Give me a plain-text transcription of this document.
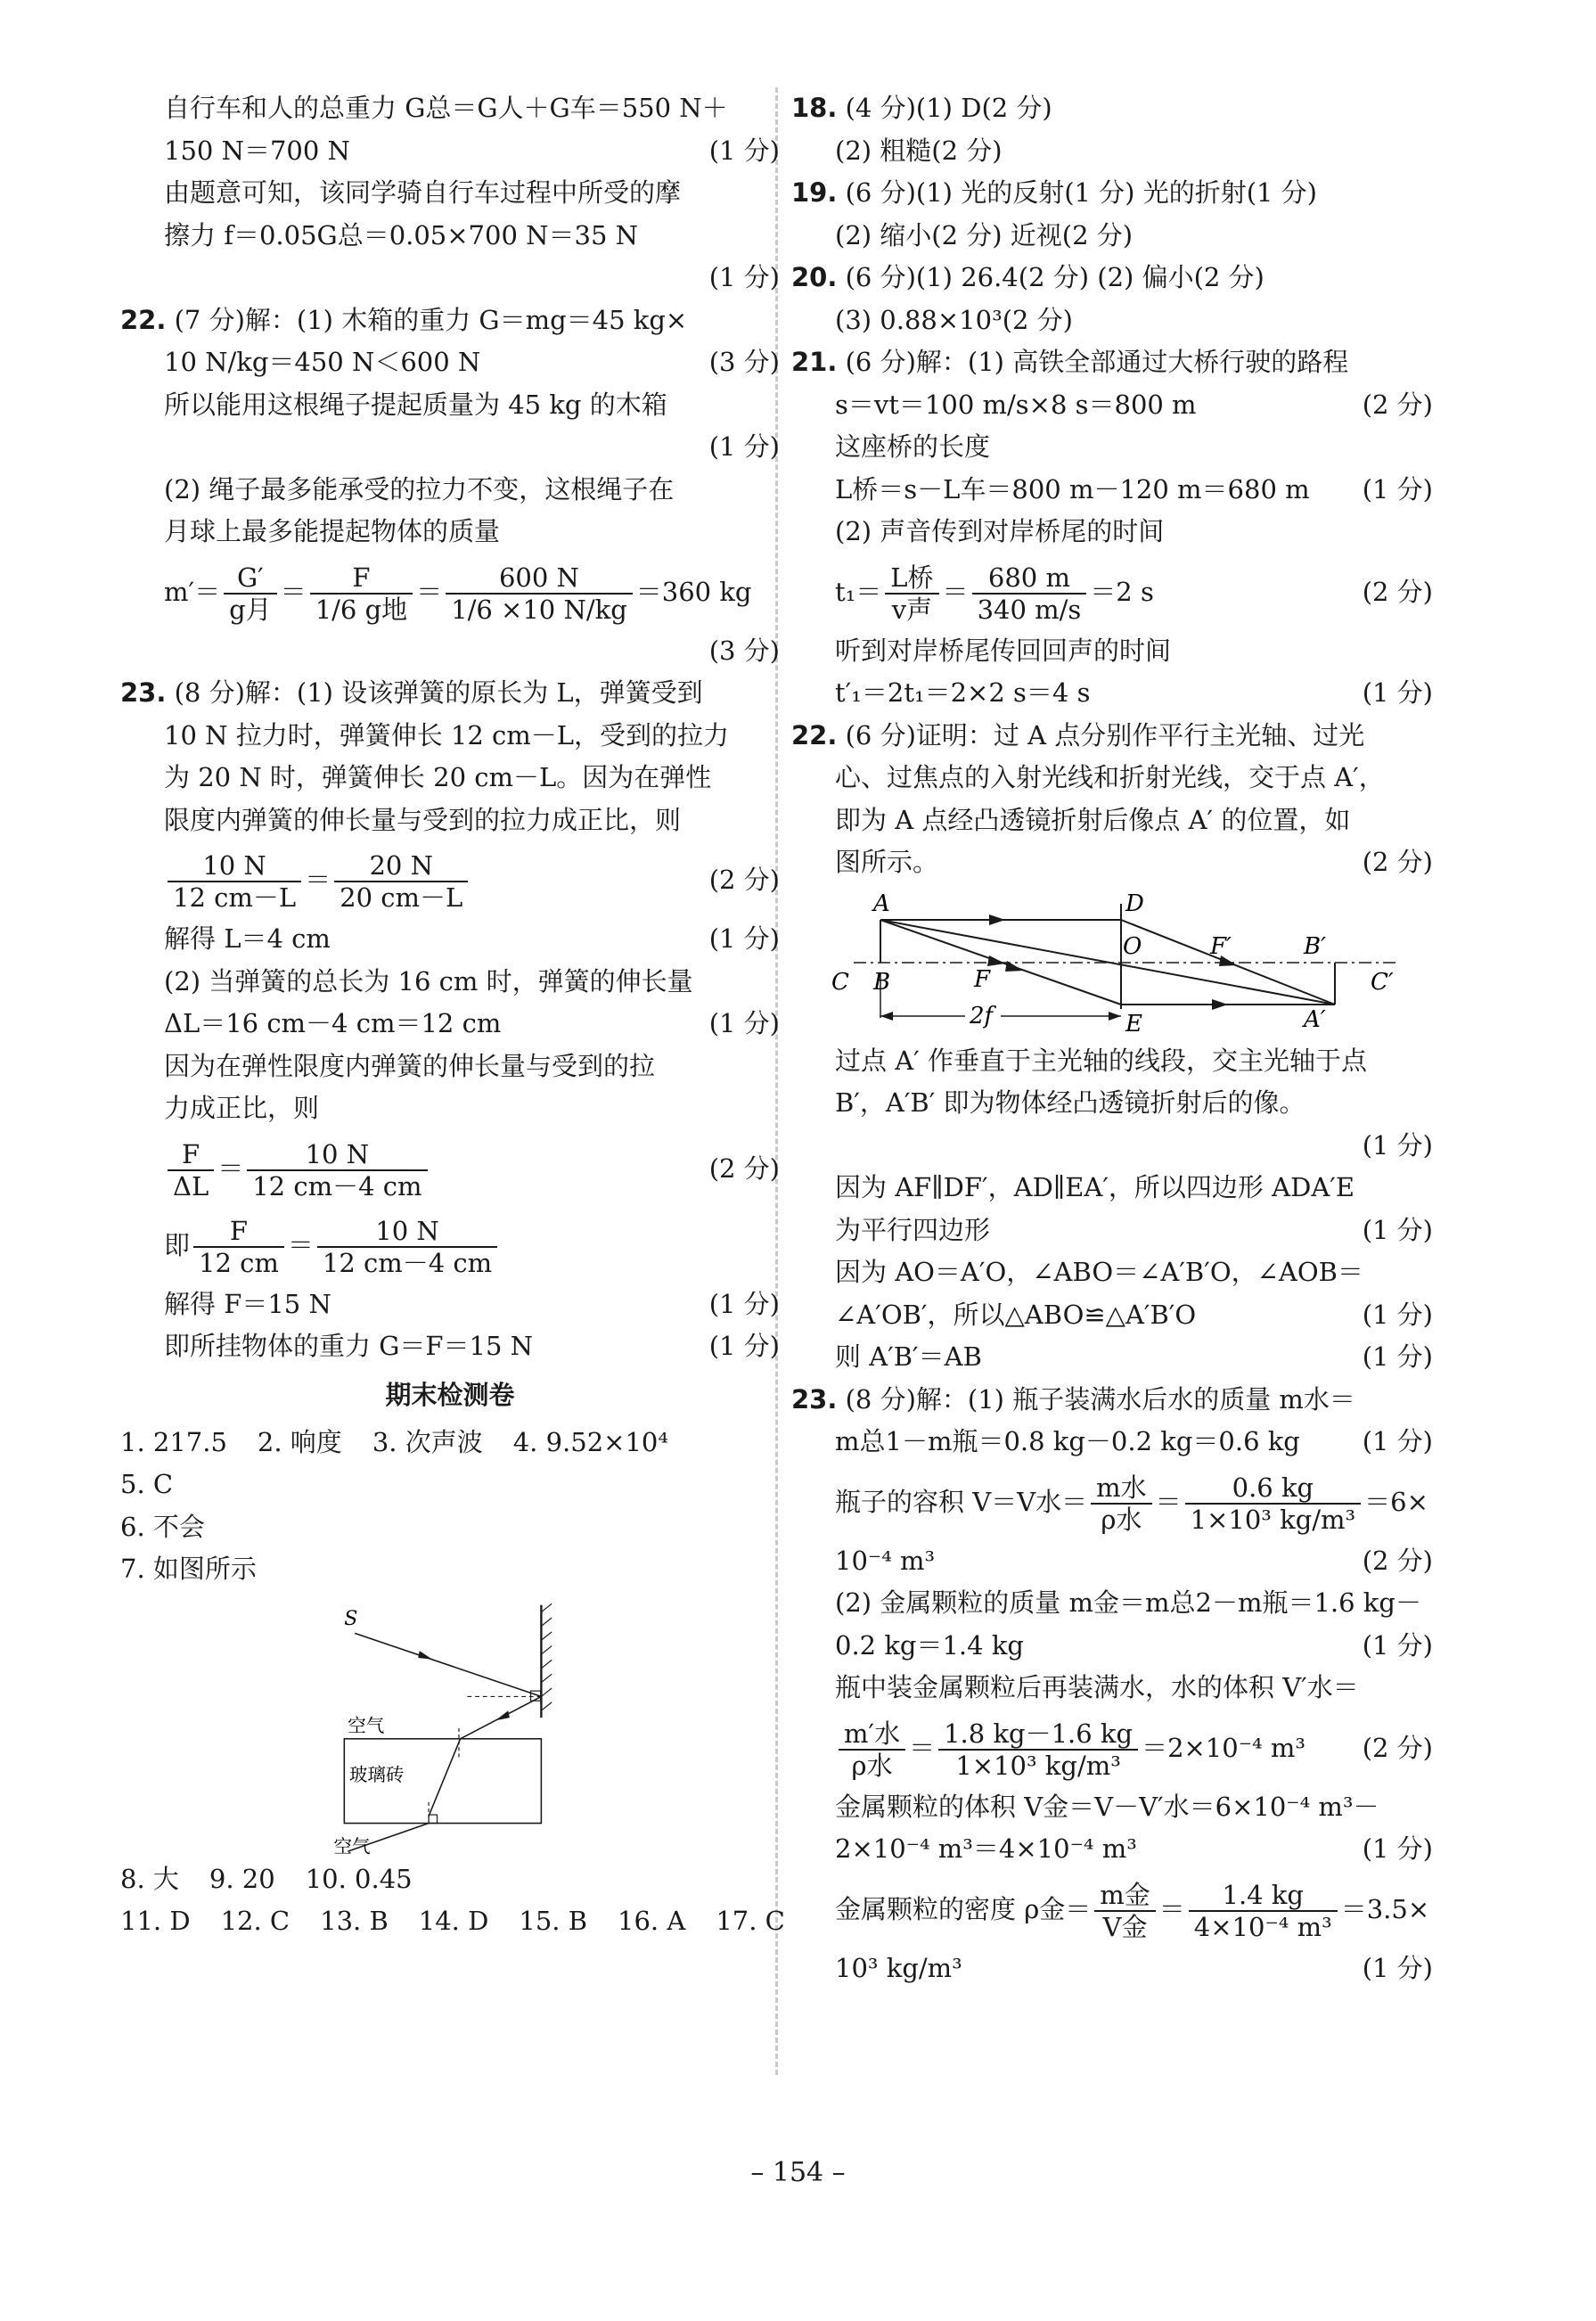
自行车和人的总重力 G总＝G人＋G车＝550 N＋
150 N＝700 N	(1 分)
由题意可知，该同学骑自行车过程中所受的摩
擦力 f＝0.05G总＝0.05×700 N＝35 N
(1 分)
22. (7 分)解：(1) 木箱的重力 G＝mg＝45 kg×
10 N/kg＝450 N＜600 N	(3 分)
所以能用这根绳子提起质量为 45 kg 的木箱
(1 分)
(2) 绳子最多能承受的拉力不变，这根绳子在
月球上最多能提起物体的质量
$m'= \frac{G'}{\text{g月}} = \frac{F}{\text{1/6 g地}} = \frac{600 N}{1/6 \times 10 N/kg} =360$ kg
(3 分)
23. (8 分)解：(1) 设该弹簧的原长为 L，弹簧受到
10 N 拉力时，弹簧伸长 12 cm－L，受到的拉力
为 20 N 时，弹簧伸长 20 cm－L。因为在弹性
限度内弹簧的伸长量与受到的拉力成正比，则
$\frac{10 N}{12 cm-L} = \frac{20 N}{20 cm-L}$	(2 分)
解得 L＝4 cm	(1 分)
(2) 当弹簧的总长为 16 cm 时，弹簧的伸长量
ΔL＝16 cm－4 cm＝12 cm	(1 分)
因为在弹性限度内弹簧的伸长量与受到的拉
力成正比，则
$\frac{F}{\Delta L} = \frac{10 N}{12 cm-4 cm}$	(2 分)
即 $\frac{F}{12 cm} = \frac{10 N}{12 cm-4 cm}$
解得 F＝15 N	(1 分)
即所挂物体的重力 G＝F＝15 N	(1 分)
期末检测卷
1. 217.5 2. 响度 3. 次声波 4. 9.52×10⁴
5. C
6. 不会
7. 如图所示
S
空气
玻璃砖
空气
8. 大 9. 20 10. 0.45
11. D 12. C 13. B 14. D 15. B 16. A 17. C
18. (4 分)(1) D(2 分)
(2) 粗糙(2 分)
19. (6 分)(1) 光的反射(1 分) 光的折射(1 分)
(2) 缩小(2 分) 近视(2 分)
20. (6 分)(1) 26.4(2 分) (2) 偏小(2 分)
(3) 0.88×10³(2 分)
21. (6 分)解：(1) 高铁全部通过大桥行驶的路程
s＝vt＝100 m/s×8 s＝800 m	(2 分)
这座桥的长度
L桥＝s－L车＝800 m－120 m＝680 m (1 分)
(2) 声音传到对岸桥尾的时间
$t_1= \frac{\text{L桥}}{\text{v声}} = \frac{680 m}{340 m/s} =2$ s	(2 分)
听到对岸桥尾传回回声的时间
t′₁＝2t₁＝2×2 s＝4 s	(1 分)
22. (6 分)证明：过 A 点分别作平行主光轴、过光
心、过焦点的入射光线和折射光线，交于点 A′，
即为 A 点经凸透镜折射后像点 A′ 的位置，如
图所示。	(2 分)
A
B
C
D
O
F
F′	B′
C′
E	A′
2f
过点 A′ 作垂直于主光轴的线段，交主光轴于点
B′，A′B′ 即为物体经凸透镜折射后的像。
(1 分)
因为 AF∥DF′，AD∥EA′，所以四边形 ADA′E
为平行四边形	(1 分)
因为 AO＝A′O，∠ABO＝∠A′B′O，∠AOB＝
∠A′OB′，所以△ABO≌△A′B′O	(1 分)
则 A′B′＝AB	(1 分)
23. (8 分)解：(1) 瓶子装满水后水的质量 m水＝
m总1－m瓶＝0.8 kg－0.2 kg＝0.6 kg (1 分)
瓶子的容积 V＝V水＝ $\frac{\text{m水}}{\text{ρ水}} = \frac{0.6 kg}{\text{1×10³ kg/m³}} =6\times$
10⁻⁴ m³	(2 分)
(2) 金属颗粒的质量 m金＝m总2－m瓶＝1.6 kg－
0.2 kg＝1.4 kg	(1 分)
瓶中装金属颗粒后再装满水，水的体积 V′水＝
$\frac{\text{m′水}}{\text{ρ水}} = \frac{1.8 kg-1.6 kg}{\text{1×10³ kg/m³}} =2\times 10^{-4}$ m³ (2 分)
金属颗粒的体积 V金＝V－V′水＝6×10⁻⁴ m³－
2×10⁻⁴ m³＝4×10⁻⁴ m³	(1 分)
金属颗粒的密度 ρ金＝ $\frac{\text{m金}}{\text{V金}} = \frac{1.4 kg}{\text{4×10⁻⁴ m³}} =3.5\times$
10³ kg/m³	(1 分)
– 154 –
